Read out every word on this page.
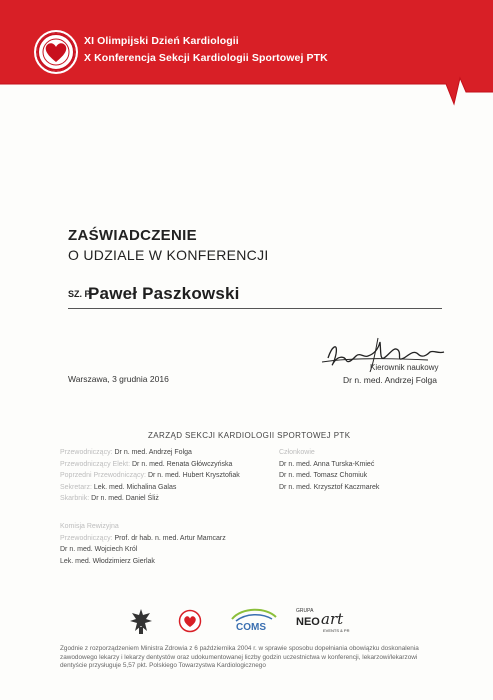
XI Olimpijski Dzień Kardiologii
X Konferencja Sekcji Kardiologii Sportowej PTK
ZAŚWIADCZENIE
O UDZIALE W KONFERENCJI
SZ. P.
Paweł Paszkowski
Warszawa, 3 grudnia 2016
Kierownik naukowy
Dr n. med. Andrzej Folga
ZARZĄD SEKCJI KARDIOLOGII SPORTOWEJ PTK
Przewodniczący: Dr n. med. Andrzej Folga
Przewodniczący Elekt: Dr n. med. Renata Główczyńska
Poprzedni Przewodniczący: Dr n. med. Hubert Krysztofiak
Sekretarz: Lek. med. Michalina Galas
Skarbnik: Dr n. med. Daniel Śliż
Członkowie
Dr n. med. Anna Turska-Kmieć
Dr n. med. Tomasz Chomiuk
Dr n. med. Krzysztof Kaczmarek
Komisja Rewizyjna
Przewodniczący: Prof. dr hab. n. med. Artur Mamcarz
Dr n. med. Wojciech Król
Lek. med. Włodzimierz Gierlak
COMS
GRUPA
NEO art
EVENTS & PR
Zgodnie z rozporządzeniem Ministra Zdrowia z 6 października 2004 r. w sprawie sposobu dopełniania obowiązku doskonalenia zawodowego lekarzy i lekarzy dentystów oraz udokumentowanej liczby godzin uczestnictwa w konferencji, lekarzowi/lekarzowi dentyście przysługuje 5,57 pkt. Polskiego Towarzystwa Kardiologicznego
